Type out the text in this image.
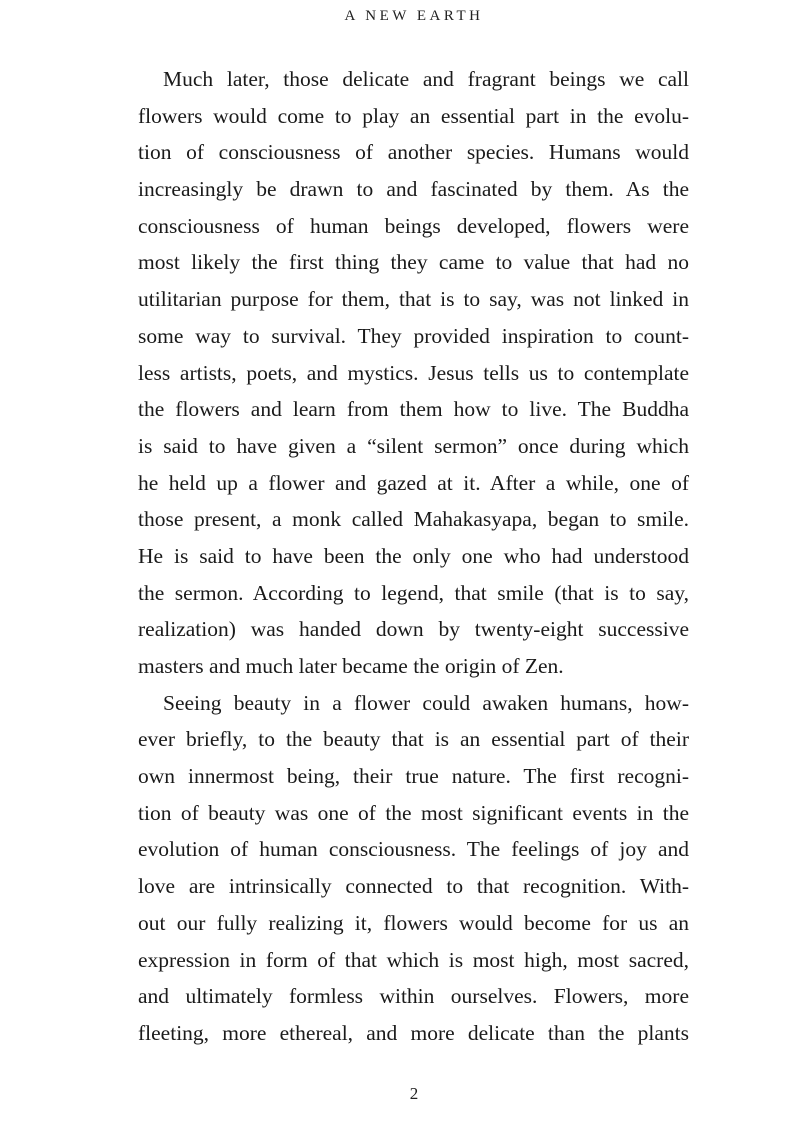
A NEW EARTH
Much later, those delicate and fragrant beings we call
flowers would come to play an essential part in the evolu-
tion of consciousness of another species. Humans would
increasingly be drawn to and fascinated by them. As the
consciousness of human beings developed, flowers were
most likely the first thing they came to value that had no
utilitarian purpose for them, that is to say, was not linked in
some way to survival. They provided inspiration to count-
less artists, poets, and mystics. Jesus tells us to contemplate
the flowers and learn from them how to live. The Buddha
is said to have given a “silent sermon” once during which
he held up a flower and gazed at it. After a while, one of
those present, a monk called Mahakasyapa, began to smile.
He is said to have been the only one who had understood
the sermon. According to legend, that smile (that is to say,
realization) was handed down by twenty-eight successive
masters and much later became the origin of Zen.
Seeing beauty in a flower could awaken humans, how-
ever briefly, to the beauty that is an essential part of their
own innermost being, their true nature. The first recogni-
tion of beauty was one of the most significant events in the
evolution of human consciousness. The feelings of joy and
love are intrinsically connected to that recognition. With-
out our fully realizing it, flowers would become for us an
expression in form of that which is most high, most sacred,
and ultimately formless within ourselves. Flowers, more
fleeting, more ethereal, and more delicate than the plants
2
